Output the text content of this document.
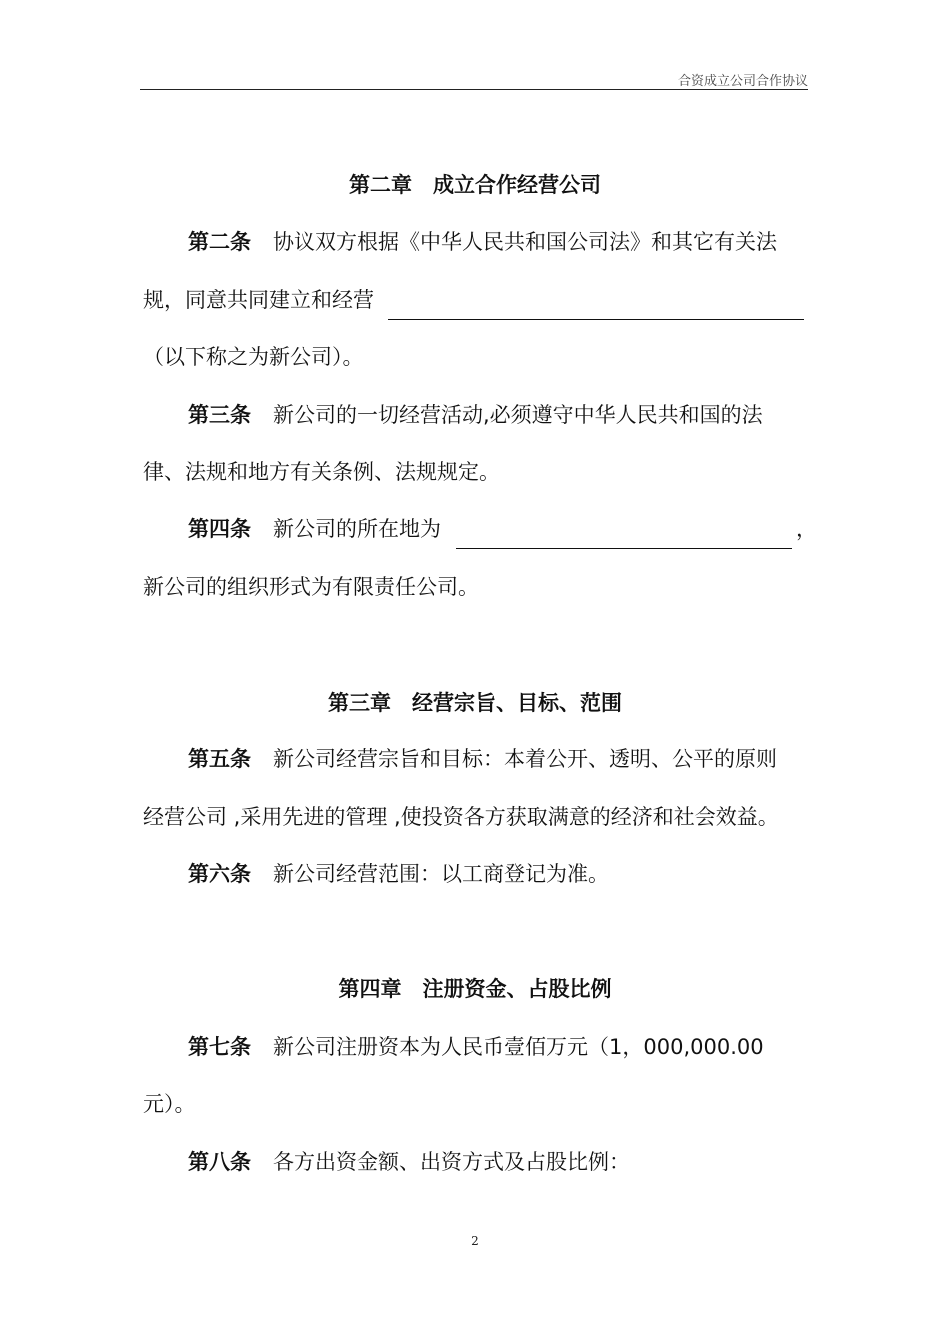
合资成立公司合作协议
第二章　成立合作经营公司
第二条 协议双方根据《中华人民共和国公司法》和其它有关法
规，同意共同建立和经营
（以下称之为新公司）。
第三条 新公司的一切经营活动,必须遵守中华人民共和国的法
律、法规和地方有关条例、法规规定。
第四条 新公司的所在地为	，
新公司的组织形式为有限责任公司。
第三章　经营宗旨、目标、范围
第五条 新公司经营宗旨和目标：本着公开、透明、公平的原则
经营公司 ,采用先进的管理 ,使投资各方获取满意的经济和社会效益。
第六条 新公司经营范围：以工商登记为准。
第四章　注册资金、占股比例
第七条 新公司注册资本为人民币壹佰万元（1，000,000.00
元）。
第八条 各方出资金额、出资方式及占股比例：
2
